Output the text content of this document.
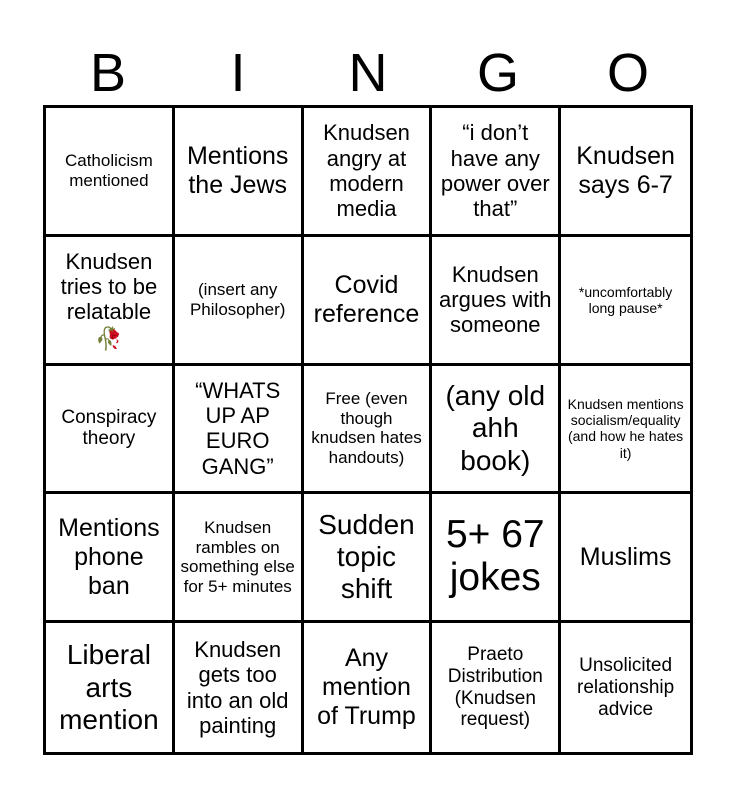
B	I	N	G	O
Catholicism mentioned
Mentions the Jews
Knudsen angry at modern media
“i don’t have any power over that”
Knudsen says 6-7
Knudsen tries to be relatable
🥀
(insert any Philosopher)
Covid reference
Knudsen argues with someone
*uncomfortably long pause*
Conspiracy theory
“WHATS UP AP EURO GANG”
Free (even though knudsen hates handouts)
(any old ahh book)
Knudsen mentions socialism/equality (and how he hates it)
Mentions phone ban
Knudsen rambles on something else for 5+ minutes
Sudden topic shift
5+ 67 jokes	Muslims
Liberal arts mention
Knudsen gets too into an old painting
Any mention of Trump
Praeto Distribution (Knudsen request)
Unsolicited relationship advice
